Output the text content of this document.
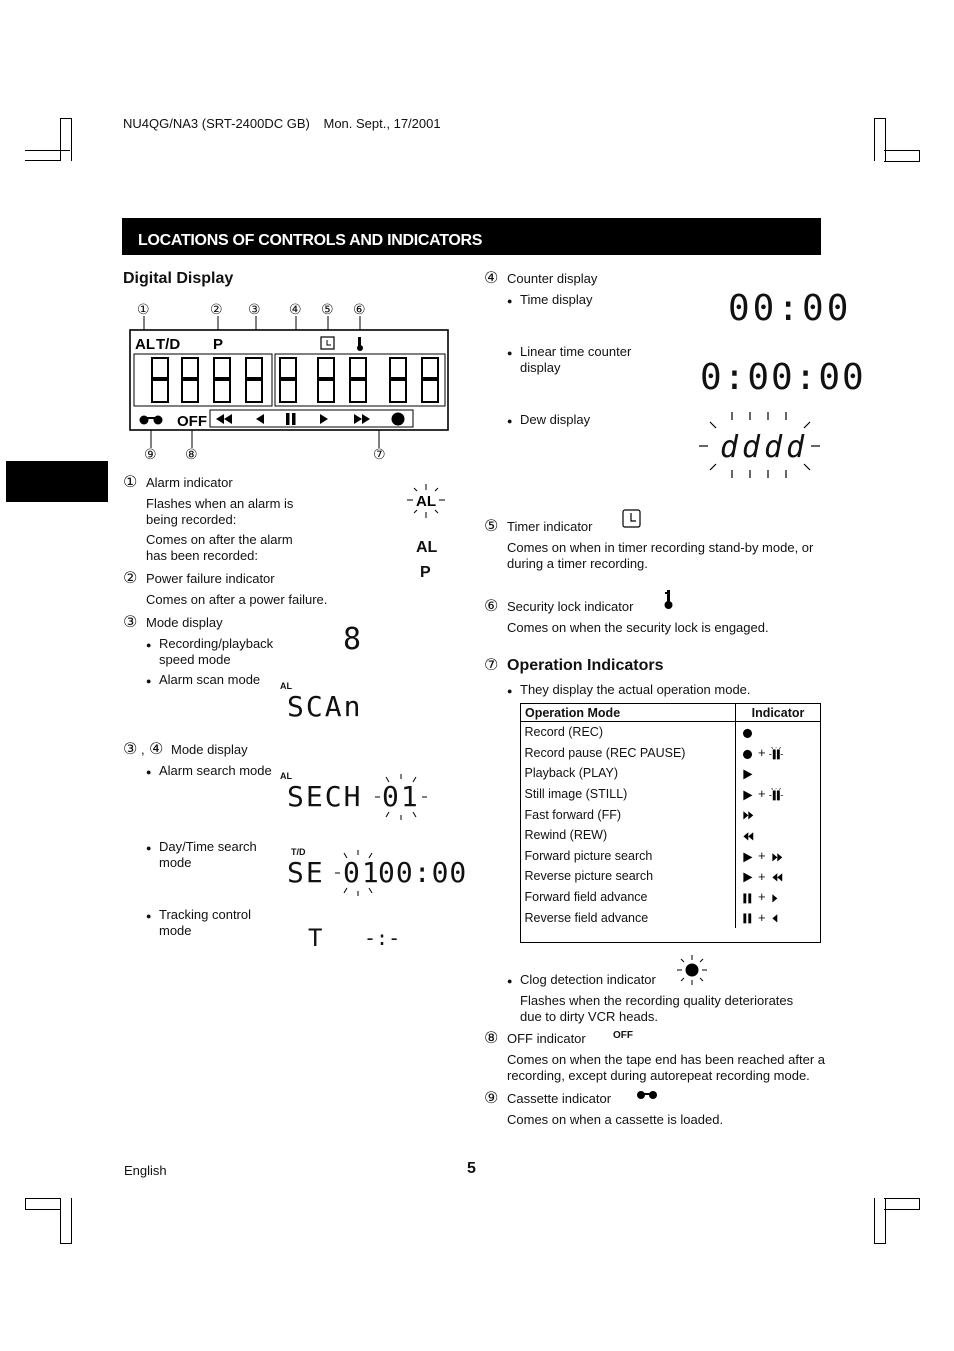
NU4QG/NA3 (SRT-2400DC GB) Mon. Sept., 17/2001
LOCATIONS OF CONTROLS AND INDICATORS
Digital Display
①	② ③ ④ ⑤ ⑥
⑨ ⑧	⑦
AL T/D P
OFF
① Alarm indicator
Flashes when an alarm is being recorded:
Comes on after the alarm has been recorded:
AL
AL
② Power failure indicator
Comes on after a power failure.
P
③ Mode display
● Recording/playback speed mode
● Alarm scan mode
8
AL
SCAn
③ , ④ Mode display
● Alarm search mode AL
SECH 01
● Day/Time search mode
T/D
SE 01
00:00
● Tracking control mode	T -:-
④ Counter display
● Time display	00:00
● Linear time counter display	0:00:00
● Dew display
dddd
⑤ Timer indicator
Comes on when in timer recording stand-by mode, or during a timer recording.
⑥ Security lock indicator
Comes on when the security lock is engaged.
⑦ Operation Indicators
● They display the actual operation mode.
Operation Mode	Indicator
Record (REC)	
Record pause (REC PAUSE)	+
Playback (PLAY)	
Still image (STILL)	+
Fast forward (FF)	
Rewind (REW)	
Forward picture search	+
Reverse picture search	+
Forward field advance	+
Reverse field advance	+
● Clog detection indicator
Flashes when the recording quality deteriorates due to dirty VCR heads.
⑧ OFF indicator	OFF
Comes on when the tape end has been reached after a recording, except during autorepeat recording mode.
⑨ Cassette indicator
Comes on when a cassette is loaded.
English	5
